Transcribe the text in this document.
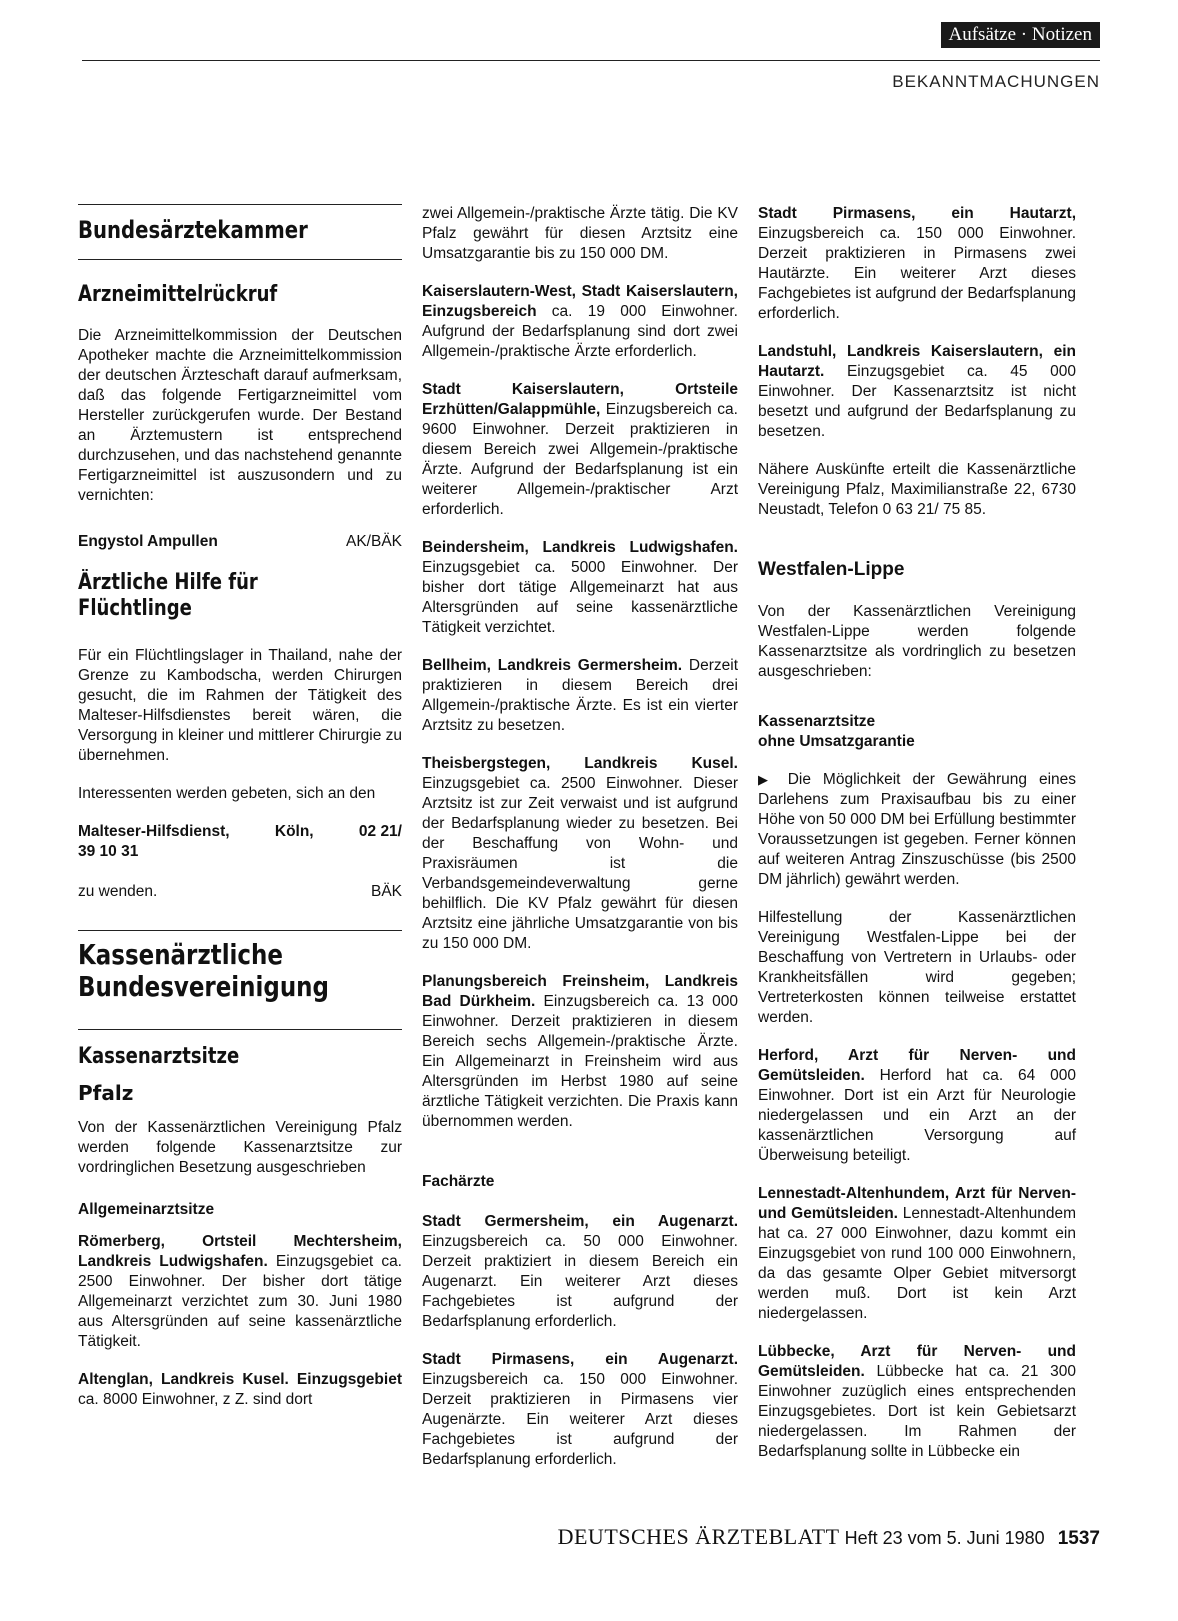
Aufsätze · Notizen
BEKANNTMACHUNGEN
Bundesärztekammer
Arzneimittelrückruf

Die Arzneimittelkommission der Deutschen Apotheker machte die Arzneimittelkommission der deutschen Ärzteschaft darauf aufmerksam, daß das folgende Fertigarzneimittel vom Hersteller zurückgerufen wurde. Der Bestand an Ärztemustern ist entsprechend durchzusehen, und das nachstehend genannte Fertigarzneimittel ist auszusondern und zu vernichten:

Engystol Ampullen	AK/BÄK
Ärztliche Hilfe für Flüchtlinge

Für ein Flüchtlingslager in Thailand, nahe der Grenze zu Kambodscha, werden Chirurgen gesucht, die im Rahmen der Tätigkeit des Malteser-Hilfsdienstes bereit wären, die Versorgung in kleiner und mittlerer Chirurgie zu übernehmen.

Interessenten werden gebeten, sich an den

Malteser-Hilfsdienst,	Köln,	02 21/
39 10 31
zu wenden.	BÄK
Kassenärztliche Bundesvereinigung
Kassenarztsitze
Pfalz

Von der Kassenärztlichen Vereinigung Pfalz werden folgende Kassenarztsitze zur vordringlichen Besetzung ausgeschrieben

Allgemeinarztsitze

Römerberg, Ortsteil Mechtersheim, Landkreis Ludwigshafen. Einzugsgebiet ca. 2500 Einwohner. Der bisher dort tätige Allgemeinarzt verzichtet zum 30. Juni 1980 aus Altersgründen auf seine kassenärztliche Tätigkeit.

Altenglan, Landkreis Kusel. Einzugsgebiet ca. 8000 Einwohner, z Z. sind dort

zwei Allgemein-/praktische Ärzte tätig. Die KV Pfalz gewährt für diesen Arztsitz eine Umsatzgarantie bis zu 150 000 DM.

Kaiserslautern-West, Stadt Kaiserslautern, Einzugsbereich ca. 19 000 Einwohner. Aufgrund der Bedarfsplanung sind dort zwei Allgemein-/praktische Ärzte erforderlich.

Stadt Kaiserslautern, Ortsteile Erzhütten/Galappmühle, Einzugsbereich ca. 9600 Einwohner. Derzeit praktizieren in diesem Bereich zwei Allgemein-/praktische Ärzte. Aufgrund der Bedarfsplanung ist ein weiterer Allgemein-/praktischer Arzt erforderlich.

Beindersheim, Landkreis Ludwigshafen. Einzugsgebiet ca. 5000 Einwohner. Der bisher dort tätige Allgemeinarzt hat aus Altersgründen auf seine kassenärztliche Tätigkeit verzichtet.

Bellheim, Landkreis Germersheim. Derzeit praktizieren in diesem Bereich drei Allgemein-/praktische Ärzte. Es ist ein vierter Arztsitz zu besetzen.

Theisbergstegen, Landkreis Kusel. Einzugsgebiet ca. 2500 Einwohner. Dieser Arztsitz ist zur Zeit verwaist und ist aufgrund der Bedarfsplanung wieder zu besetzen. Bei der Beschaffung von Wohn- und Praxisräumen ist die Verbandsgemeindeverwaltung gerne behilflich. Die KV Pfalz gewährt für diesen Arztsitz eine jährliche Umsatzgarantie von bis zu 150 000 DM.

Planungsbereich Freinsheim, Landkreis Bad Dürkheim. Einzugsbereich ca. 13 000 Einwohner. Derzeit praktizieren in diesem Bereich sechs Allgemein-/praktische Ärzte. Ein Allgemeinarzt in Freinsheim wird aus Altersgründen im Herbst 1980 auf seine ärztliche Tätigkeit verzichten. Die Praxis kann übernommen werden.

Fachärzte

Stadt Germersheim, ein Augenarzt. Einzugsbereich ca. 50 000 Einwohner. Derzeit praktiziert in diesem Bereich ein Augenarzt. Ein weiterer Arzt dieses Fachgebietes ist aufgrund der Bedarfsplanung erforderlich.

Stadt Pirmasens, ein Augenarzt. Einzugsbereich ca. 150 000 Einwohner. Derzeit praktizieren in Pirmasens vier Augenärzte. Ein weiterer Arzt dieses Fachgebietes ist aufgrund der Bedarfsplanung erforderlich.

Stadt Pirmasens, ein Hautarzt, Einzugsbereich ca. 150 000 Einwohner. Derzeit praktizieren in Pirmasens zwei Hautärzte. Ein weiterer Arzt dieses Fachgebietes ist aufgrund der Bedarfsplanung erforderlich.

Landstuhl, Landkreis Kaiserslautern, ein Hautarzt. Einzugsgebiet ca. 45 000 Einwohner. Der Kassenarztsitz ist nicht besetzt und aufgrund der Bedarfsplanung zu besetzen.

Nähere Auskünfte erteilt die Kassenärztliche Vereinigung Pfalz, Maximilianstraße 22, 6730 Neustadt, Telefon 0 63 21/ 75 85.

Westfalen-Lippe

Von der Kassenärztlichen Vereinigung Westfalen-Lippe werden folgende Kassenarztsitze als vordringlich zu besetzen ausgeschrieben:

Kassenarztsitze
ohne Umsatzgarantie

▶ Die Möglichkeit der Gewährung eines Darlehens zum Praxisaufbau bis zu einer Höhe von 50 000 DM bei Erfüllung bestimmter Voraussetzungen ist gegeben. Ferner können auf weiteren Antrag Zinszuschüsse (bis 2500 DM jährlich) gewährt werden.

Hilfestellung der Kassenärztlichen Vereinigung Westfalen-Lippe bei der Beschaffung von Vertretern in Urlaubs- oder Krankheitsfällen wird gegeben; Vertreterkosten können teilweise erstattet werden.

Herford, Arzt für Nerven- und Gemütsleiden. Herford hat ca. 64 000 Einwohner. Dort ist ein Arzt für Neurologie niedergelassen und ein Arzt an der kassenärztlichen Versorgung auf Überweisung beteiligt.

Lennestadt-Altenhundem, Arzt für Nerven- und Gemütsleiden. Lennestadt-Altenhundem hat ca. 27 000 Einwohner, dazu kommt ein Einzugsgebiet von rund 100 000 Einwohnern, da das gesamte Olper Gebiet mitversorgt werden muß. Dort ist kein Arzt niedergelassen.

Lübbecke, Arzt für Nerven- und Gemütsleiden. Lübbecke hat ca. 21 300 Einwohner zuzüglich eines entsprechenden Einzugsgebietes. Dort ist kein Gebietsarzt niedergelassen. Im Rahmen der Bedarfsplanung sollte in Lübbecke ein

DEUTSCHES ÄRZTEBLATT Heft 23 vom 5. Juni 1980 1537
